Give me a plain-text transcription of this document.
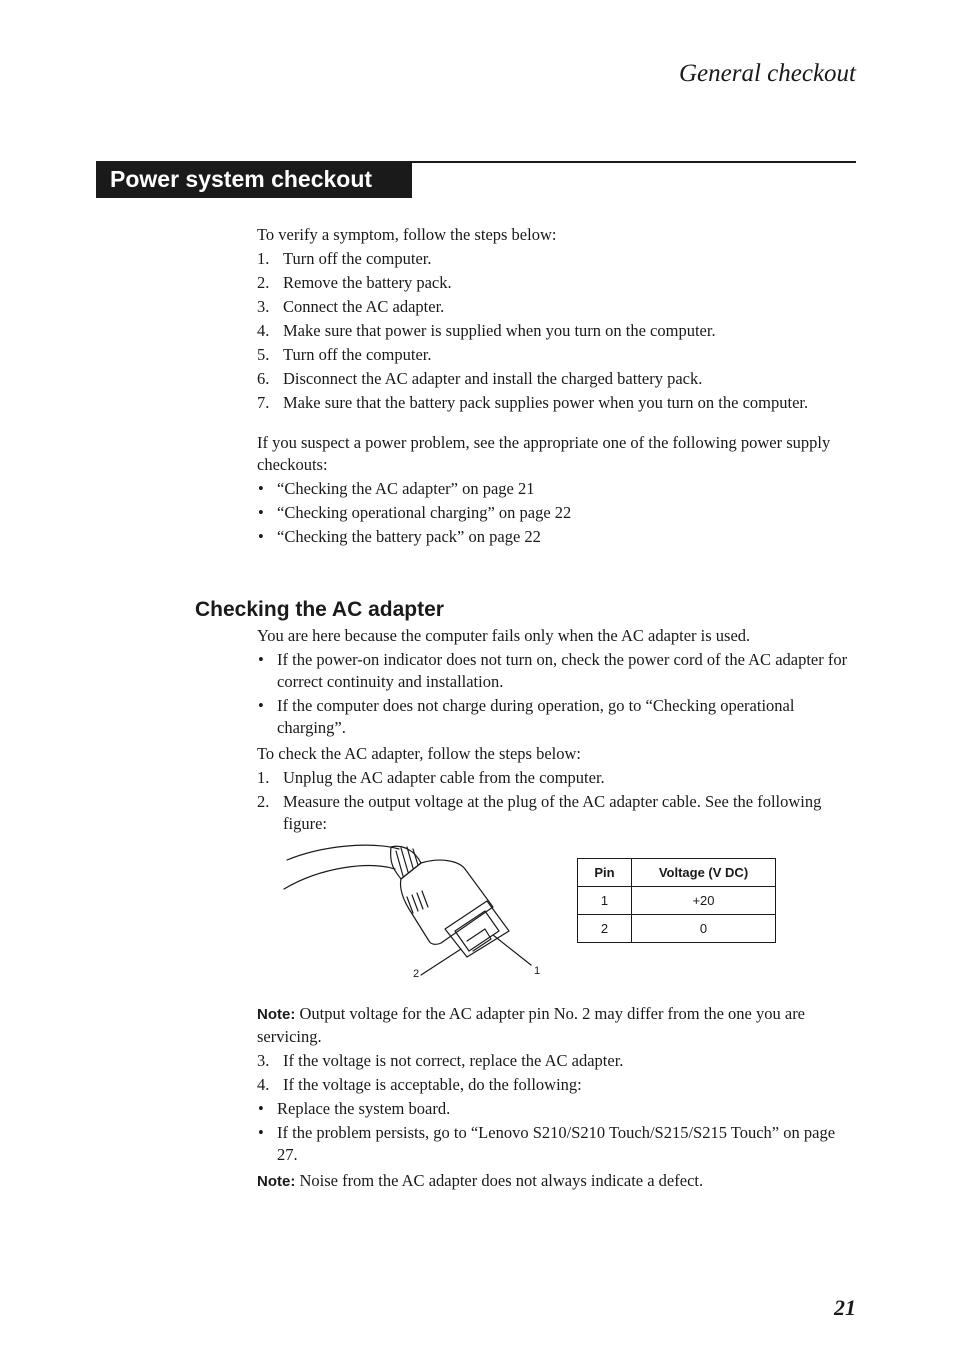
General checkout
Power system checkout

To verify a symptom, follow the steps below:

1. Turn off the computer.
2. Remove the battery pack.
3. Connect the AC adapter.
4. Make sure that power is supplied when you turn on the computer.
5. Turn off the computer.
6. Disconnect the AC adapter and install the charged battery pack.
7. Make sure that the battery pack supplies power when you turn on the computer.

If you suspect a power problem, see the appropriate one of the following power supply checkouts:

• “Checking the AC adapter” on page 21
• “Checking operational charging” on page 22
• “Checking the battery pack” on page 22
Checking the AC adapter

You are here because the computer fails only when the AC adapter is used.

• If the power-on indicator does not turn on, check the power cord of the AC adapter for correct continuity and installation.
• If the computer does not charge during operation, go to “Checking operational charging”.

To check the AC adapter, follow the steps below:

1. Unplug the AC adapter cable from the computer.
2. Measure the output voltage at the plug of the AC adapter cable. See the following figure:
2	1
Pin	Voltage (V DC)
1	+20
2	0

Note: Output voltage for the AC adapter pin No. 2 may differ from the one you are servicing.

3. If the voltage is not correct, replace the AC adapter.
4. If the voltage is acceptable, do the following:
• Replace the system board.
• If the problem persists, go to “Lenovo S210/S210 Touch/S215/S215 Touch” on page 27.

Note: Noise from the AC adapter does not always indicate a defect.

21
